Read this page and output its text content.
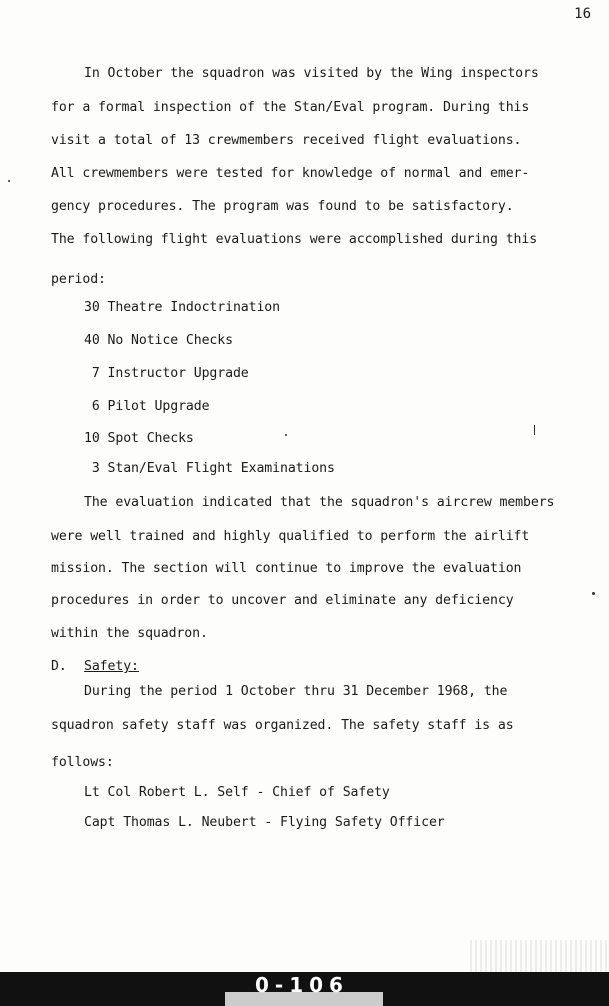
16
In October the squadron was visited by the Wing inspectors
for a formal inspection of the Stan/Eval program. During this
visit a total of 13 crewmembers received flight evaluations.
All crewmembers were tested for knowledge of normal and emer-
gency procedures. The program was found to be satisfactory.
The following flight evaluations were accomplished during this
period:
30 Theatre Indoctrination
40 No Notice Checks
7 Instructor Upgrade
6 Pilot Upgrade
10 Spot Checks
3 Stan/Eval Flight Examinations
The evaluation indicated that the squadron's aircrew members
were well trained and highly qualified to perform the airlift
mission. The section will continue to improve the evaluation
procedures in order to uncover and eliminate any deficiency
within the squadron.
D. Safety:
During the period 1 October thru 31 December 1968, the
squadron safety staff was organized. The safety staff is as
follows:
Lt Col Robert L. Self - Chief of Safety
Capt Thomas L. Neubert - Flying Safety Officer
0-106
